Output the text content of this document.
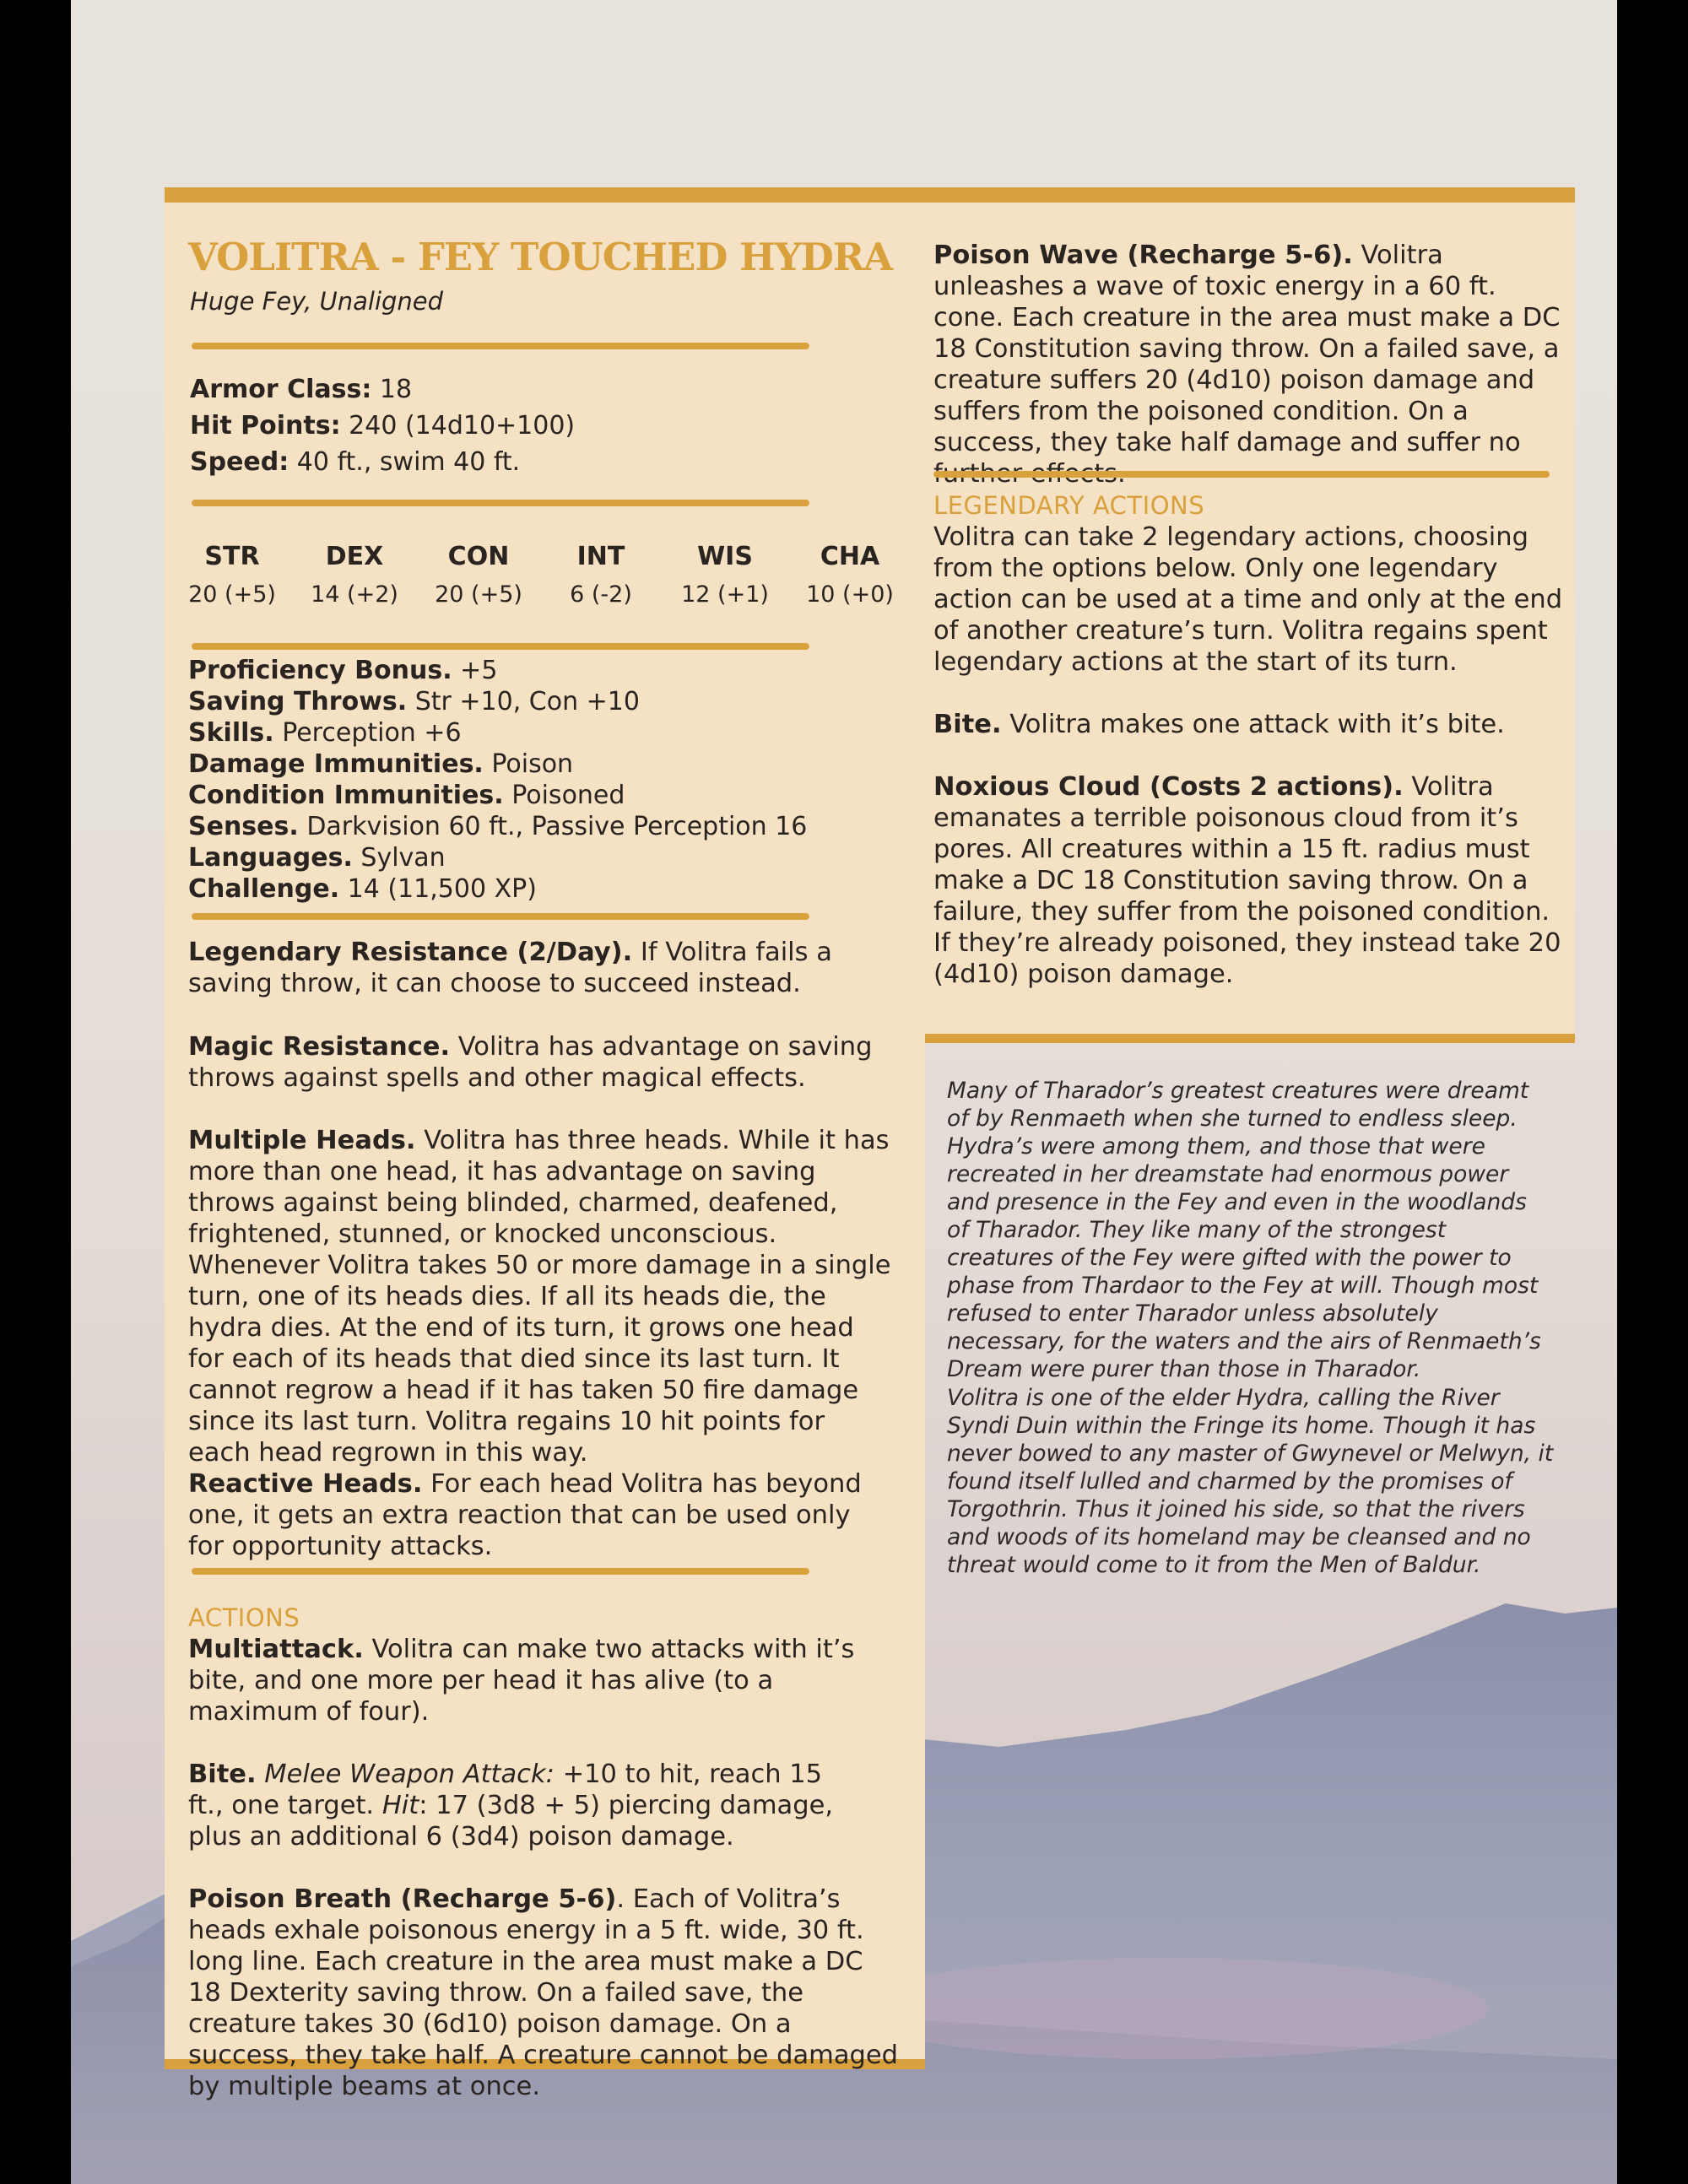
VOLITRA - FEY TOUCHED HYDRA
Huge Fey, Unaligned
Armor Class: 18
Hit Points: 240 (14d10+100)
Speed: 40 ft., swim 40 ft.
STR
20 (+5)
DEX
14 (+2)
CON
20 (+5)
INT
6 (-2)
WIS
12 (+1)
CHA
10 (+0)
Proficiency Bonus. +5
Saving Throws. Str +10, Con +10
Skills. Perception +6
Damage Immunities. Poison
Condition Immunities. Poisoned
Senses. Darkvision 60 ft., Passive Perception 16
Languages. Sylvan
Challenge. 14 (11,500 XP)
Legendary Resistance (2/Day). If Volitra fails a saving throw, it can choose to succeed instead.
Magic Resistance. Volitra has advantage on saving throws against spells and other magical effects.
Multiple Heads. Volitra has three heads. While it has more than one head, it has advantage on saving throws against being blinded, charmed, deafened, frightened, stunned, or knocked unconscious. Whenever Volitra takes 50 or more damage in a single turn, one of its heads dies. If all its heads die, the hydra dies. At the end of its turn, it grows one head for each of its heads that died since its last turn. It cannot regrow a head if it has taken 50 fire damage since its last turn. Volitra regains 10 hit points for each head regrown in this way.
Reactive Heads. For each head Volitra has beyond one, it gets an extra reaction that can be used only for opportunity attacks.
ACTIONS
Multiattack. Volitra can make two attacks with it’s bite, and one more per head it has alive (to a maximum of four).
Bite. Melee Weapon Attack: +10 to hit, reach 15 ft., one target. Hit: 17 (3d8 + 5) piercing damage, plus an additional 6 (3d4) poison damage.
Poison Breath (Recharge 5-6). Each of Volitra’s heads exhale poisonous energy in a 5 ft. wide, 30 ft. long line. Each creature in the area must make a DC 18 Dexterity saving throw. On a failed save, the creature takes 30 (6d10) poison damage. On a success, they take half. A creature cannot be damaged by multiple beams at once.
Poison Wave (Recharge 5-6). Volitra unleashes a wave of toxic energy in a 60 ft. cone. Each creature in the area must make a DC 18 Constitution saving throw. On a failed save, a creature suffers 20 (4d10) poison damage and suffers from the poisoned condition. On a success, they take half damage and suffer no
LEGENDARY ACTIONS
Volitra can take 2 legendary actions, choosing from the options below. Only one legendary action can be used at a time and only at the end of another creature’s turn. Volitra regains spent legendary actions at the start of its turn.
Bite. Volitra makes one attack with it’s bite.
Noxious Cloud (Costs 2 actions). Volitra emanates a terrible poisonous cloud from it’s pores. All creatures within a 15 ft. radius must make a DC 18 Constitution saving throw. On a failure, they suffer from the poisoned condition. If they’re already poisoned, they instead take 20 (4d10) poison damage.
Many of Tharador’s greatest creatures were dreamt of by Renmaeth when she turned to endless sleep. Hydra’s were among them, and those that were recreated in her dreamstate had enormous power and presence in the Fey and even in the woodlands of Tharador. They like many of the strongest creatures of the Fey were gifted with the power to phase from Thardaor to the Fey at will. Though most refused to enter Tharador unless absolutely necessary, for the waters and the airs of Renmaeth’s Dream were purer than those in Tharador.
Volitra is one of the elder Hydra, calling the River Syndi Duin within the Fringe its home. Though it has never bowed to any master of Gwynevel or Melwyn, it found itself lulled and charmed by the promises of Torgothrin. Thus it joined his side, so that the rivers and woods of its homeland may be cleansed and no threat would come to it from the Men of Baldur.
